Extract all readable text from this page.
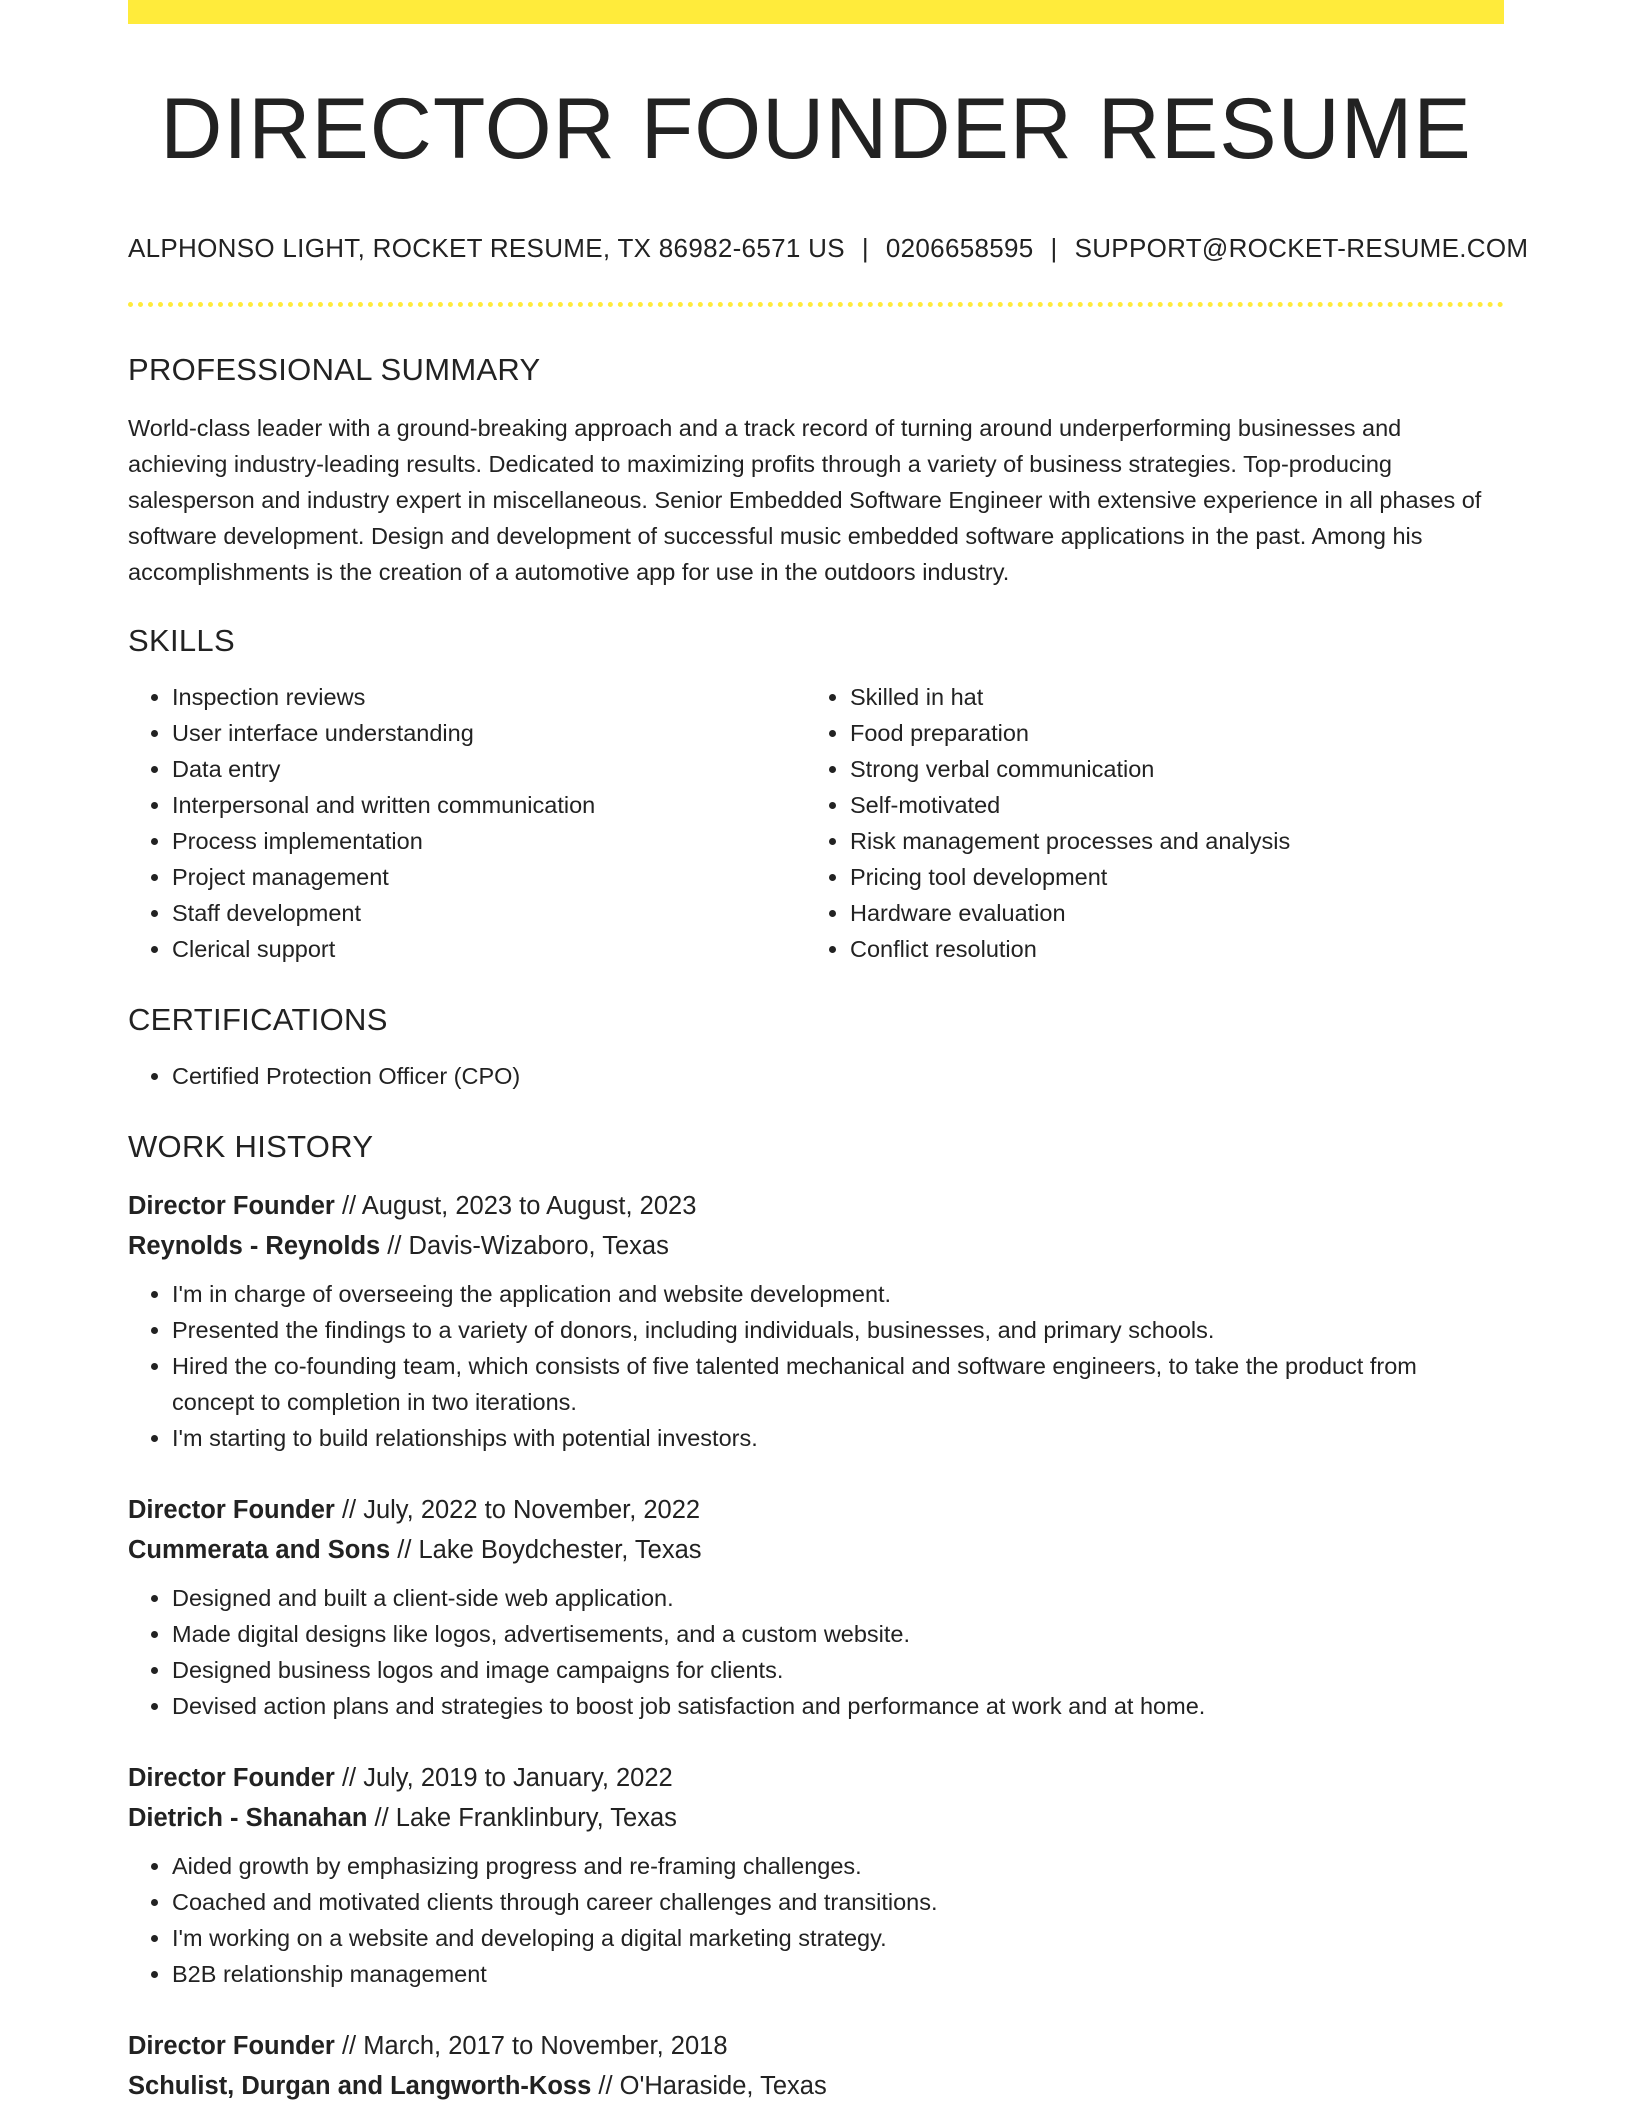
DIRECTOR FOUNDER RESUME
ALPHONSO LIGHT, ROCKET RESUME, TX 86982-6571 US | 0206658595 | SUPPORT@ROCKET-RESUME.COM
PROFESSIONAL SUMMARY

World-class leader with a ground-breaking approach and a track record of turning around underperforming businesses and achieving industry-leading results. Dedicated to maximizing profits through a variety of business strategies. Top-producing salesperson and industry expert in miscellaneous. Senior Embedded Software Engineer with extensive experience in all phases of software development. Design and development of successful music embedded software applications in the past. Among his accomplishments is the creation of a automotive app for use in the outdoors industry.

SKILLS
• Inspection reviews
• User interface understanding
• Data entry
• Interpersonal and written communication
• Process implementation
• Project management
• Staff development
• Clerical support
• Skilled in hat
• Food preparation
• Strong verbal communication
• Self-motivated
• Risk management processes and analysis
• Pricing tool development
• Hardware evaluation
• Conflict resolution
CERTIFICATIONS
• Certified Protection Officer (CPO)
WORK HISTORY
Director Founder // August, 2023 to August, 2023
Reynolds - Reynolds // Davis-Wizaboro, Texas
• I'm in charge of overseeing the application and website development.
• Presented the findings to a variety of donors, including individuals, businesses, and primary schools.
• Hired the co-founding team, which consists of five talented mechanical and software engineers, to take the product from concept to completion in two iterations.
• I'm starting to build relationships with potential investors.
Director Founder // July, 2022 to November, 2022
Cummerata and Sons // Lake Boydchester, Texas
• Designed and built a client-side web application.
• Made digital designs like logos, advertisements, and a custom website.
• Designed business logos and image campaigns for clients.
• Devised action plans and strategies to boost job satisfaction and performance at work and at home.
Director Founder // July, 2019 to January, 2022
Dietrich - Shanahan // Lake Franklinbury, Texas
• Aided growth by emphasizing progress and re-framing challenges.
• Coached and motivated clients through career challenges and transitions.
• I'm working on a website and developing a digital marketing strategy.
• B2B relationship management
Director Founder // March, 2017 to November, 2018
Schulist, Durgan and Langworth-Koss // O'Haraside, Texas
